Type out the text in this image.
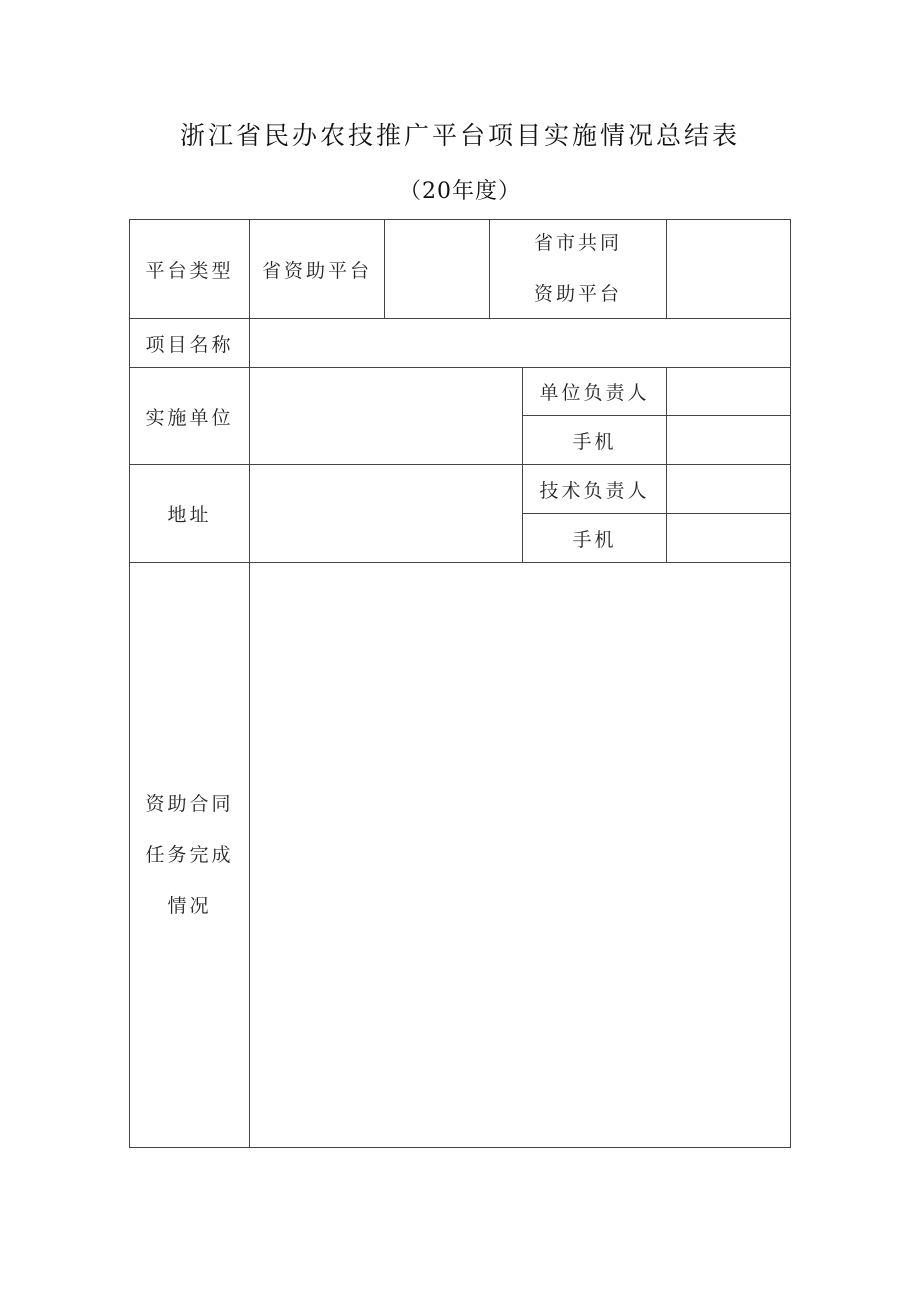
浙江省民办农技推广平台项目实施情况总结表
（20年度）
平台类型	省资助平台
省市共同
资助平台
项目名称
实施单位
单位负责人
手机
地址
技术负责人
手机
资助合同
任务完成
情况
